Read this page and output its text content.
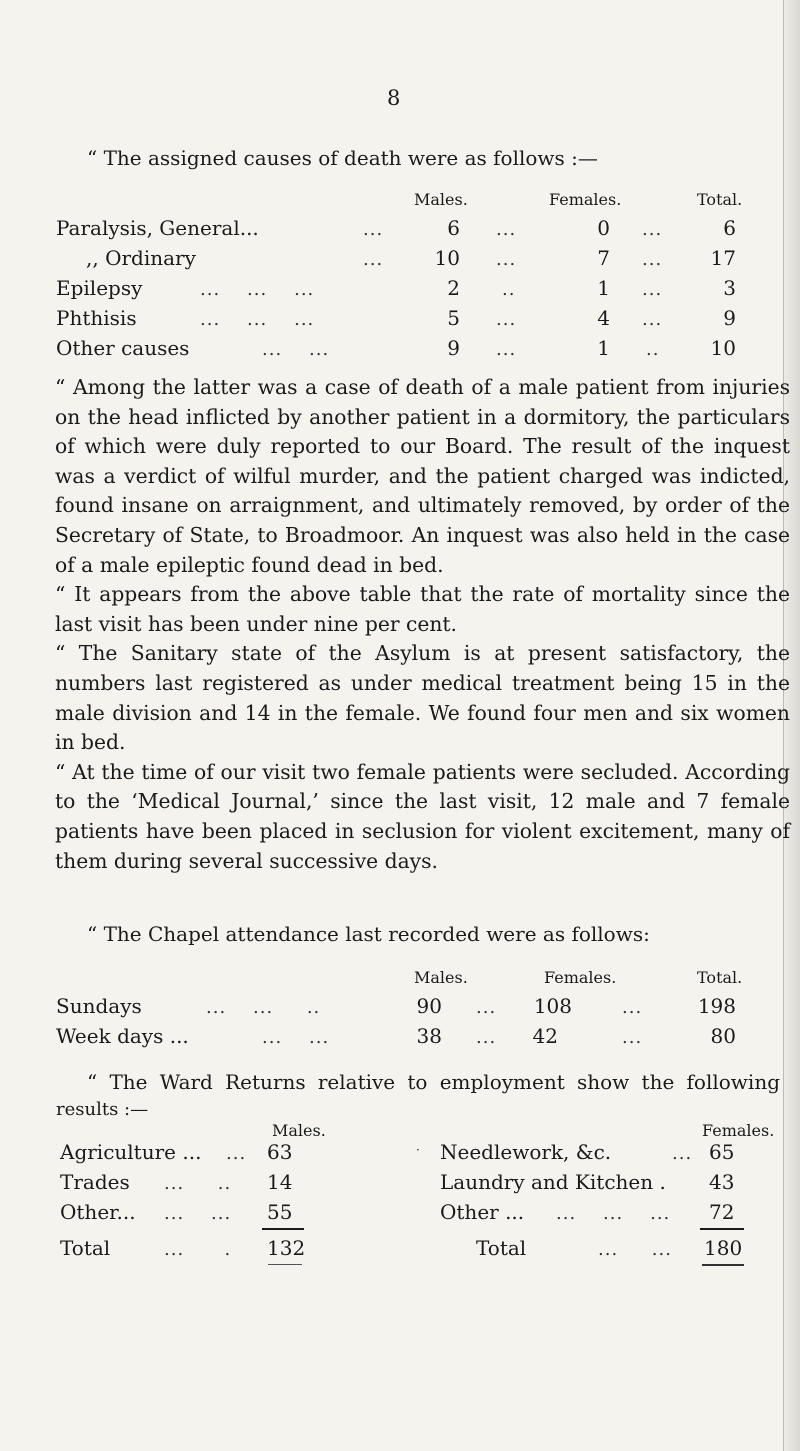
8
“ The assigned causes of death were as follows :—
Males.	Females.	Total.
Paralysis, General...	...	6 ...	0 ...	6
,, Ordinary	...	10 ...	7 ...	17
Epilepsy	...    ...    ...	2 ..	1 ...	3
Phthisis	...    ...    ...	5 ...	4 ...	9
Other causes	...    ...	9 ...	1 ..	10

“ Among the latter was a case of death of a male patient from injuries on the head inflicted by another patient in a dormitory, the particulars of which were duly reported to our Board. The result of the inquest was a verdict of wilful murder, and the patient charged was indicted, found insane on arraignment, and ultimately removed, by order of the Secretary of State, to Broadmoor. An inquest was also held in the case of a male epileptic found dead in bed.

“ It appears from the above table that the rate of mortality since the last visit has been under nine per cent.

“ The Sanitary state of the Asylum is at present satisfactory, the numbers last registered as under medical treatment being 15 in the male division and 14 in the female. We found four men and six women in bed.

“ At the time of our visit two female patients were secluded. According to the ‘Medical Journal,’ since the last visit, 12 male and 7 female patients have been placed in seclusion for violent excitement, many of them during several successive days.

“ The Chapel attendance last recorded were as follows:
Males.	Females.	Total.
Sundays	...    ...     ..	90 ...	108	...	198
Week days ...	...    ...	38 ...	42	...	80
“ The Ward Returns relative to employment show the following
results :—
Males.	Females.
Agriculture ... ... 63
Trades ...     .. 14
Other... ...    ... 55
Total	...      . 132
· Needlework, &c.	... 65
Laundry and Kitchen . 43
Other ... ...    ...    ... 72
Total	...     ... 180
